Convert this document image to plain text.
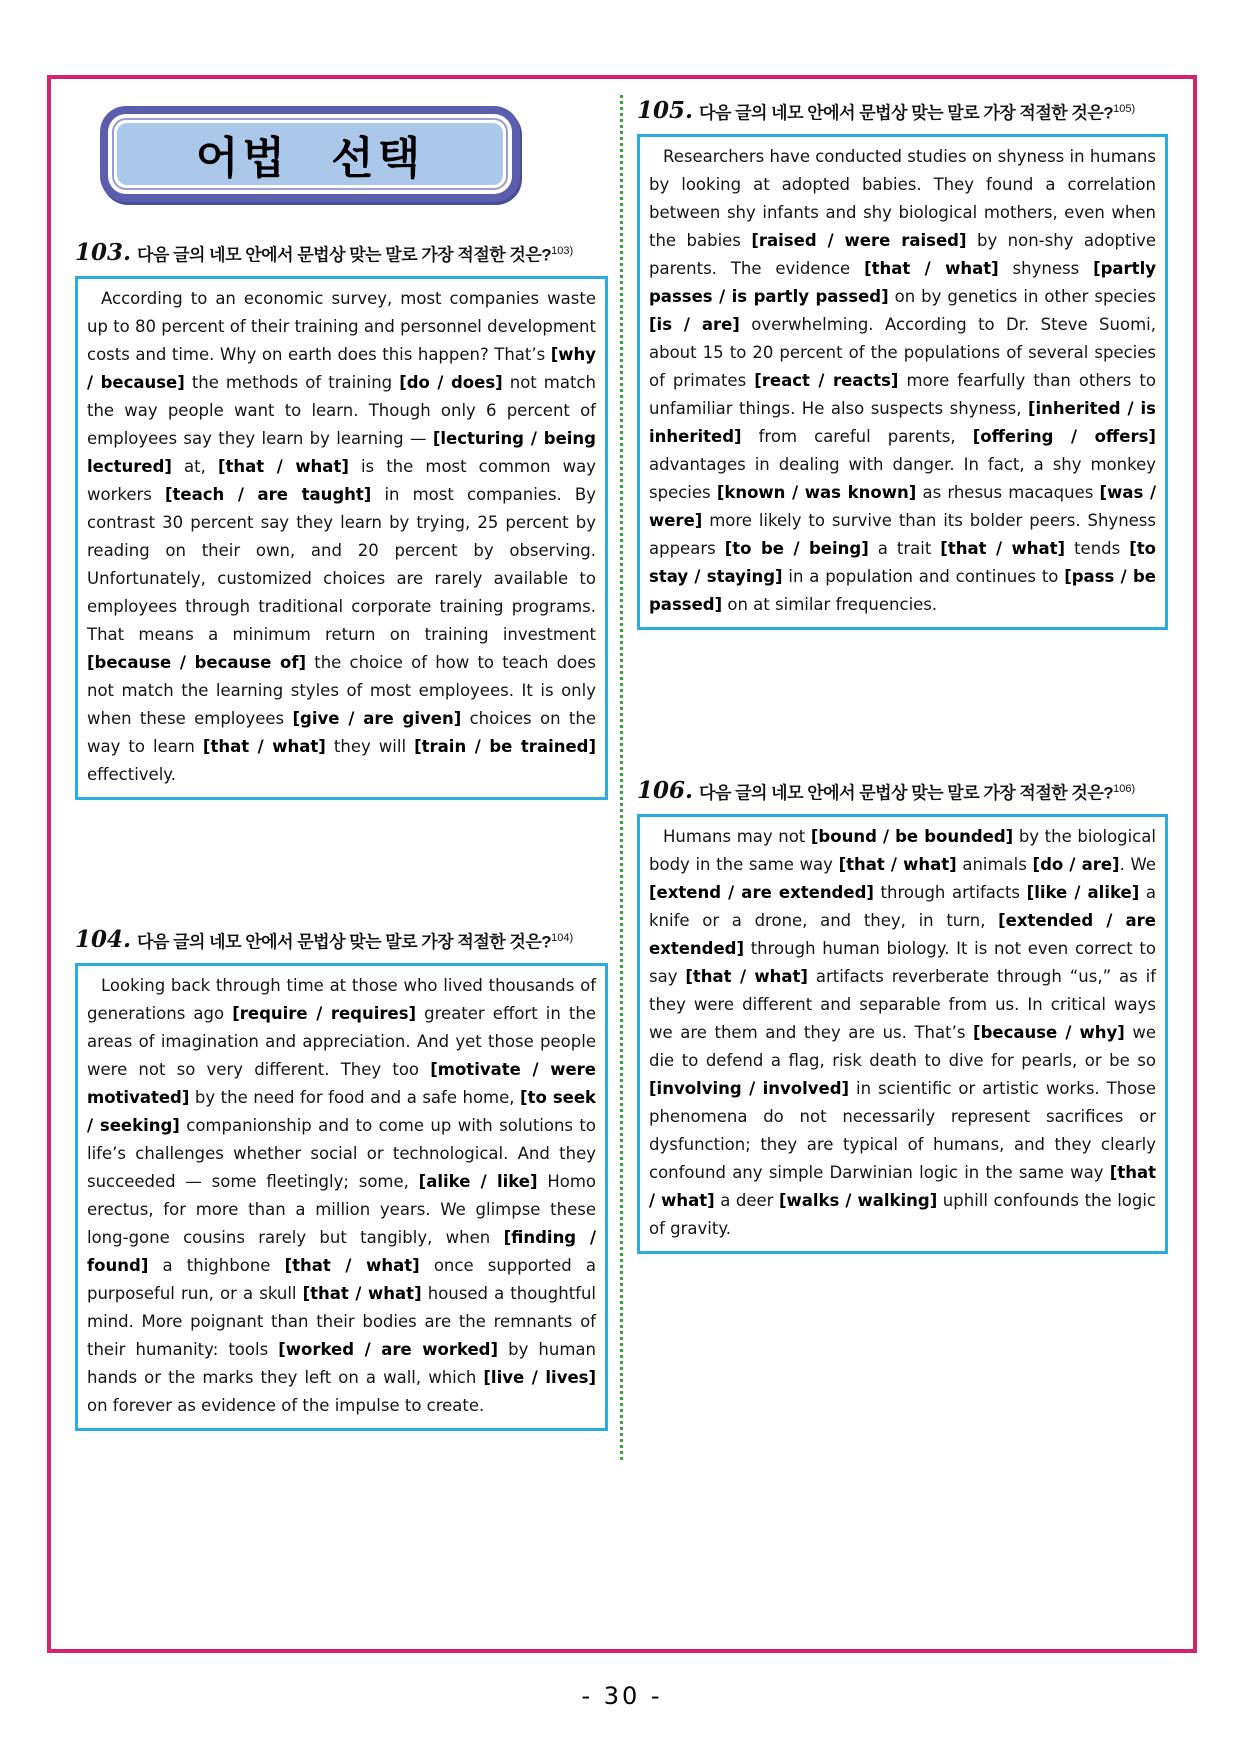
어법 선택
103. 다음 글의 네모 안에서 문법상 맞는 말로 가장 적절한 것은?$^{103)}$

According to an economic survey, most companies waste up to 80 percent of their training and personnel development costs and time. Why on earth does this happen? That’s [why / because] the methods of training [do / does] not match the way people want to learn. Though only 6 percent of employees say they learn by learning — [lecturing / being lectured] at, [that / what] is the most common way workers [teach / are taught] in most companies. By contrast 30 percent say they learn by trying, 25 percent by reading on their own, and 20 percent by observing. Unfortunately, customized choices are rarely available to employees through traditional corporate training programs. That means a minimum return on training investment [because / because of] the choice of how to teach does not match the learning styles of most employees. It is only when these employees [give / are given] choices on the way to learn [that / what] they will [train / be trained] effectively.

104. 다음 글의 네모 안에서 문법상 맞는 말로 가장 적절한 것은?$^{104)}$

Looking back through time at those who lived thousands of generations ago [require / requires] greater effort in the areas of imagination and appreciation. And yet those people were not so very different. They too [motivate / were motivated] by the need for food and a safe home, [to seek / seeking] companionship and to come up with solutions to life’s challenges whether social or technological. And they succeeded — some fleetingly; some, [alike / like] Homo erectus, for more than a million years. We glimpse these long-gone cousins rarely but tangibly, when [finding / found] a thighbone [that / what] once supported a purposeful run, or a skull [that / what] housed a thoughtful mind. More poignant than their bodies are the remnants of their humanity: tools [worked / are worked] by human hands or the marks they left on a wall, which [live / lives] on forever as evidence of the impulse to create.

105. 다음 글의 네모 안에서 문법상 맞는 말로 가장 적절한 것은?$^{105)}$

Researchers have conducted studies on shyness in humans by looking at adopted babies. They found a correlation between shy infants and shy biological mothers, even when the babies [raised / were raised] by non-shy adoptive parents. The evidence [that / what] shyness [partly passes / is partly passed] on by genetics in other species [is / are] overwhelming. According to Dr. Steve Suomi, about 15 to 20 percent of the populations of several species of primates [react / reacts] more fearfully than others to unfamiliar things. He also suspects shyness, [inherited / is inherited] from careful parents, [offering / offers] advantages in dealing with danger. In fact, a shy monkey species [known / was known] as rhesus macaques [was / were] more likely to survive than its bolder peers. Shyness appears [to be / being] a trait [that / what] tends [to stay / staying] in a population and continues to [pass / be passed] on at similar frequencies.

106. 다음 글의 네모 안에서 문법상 맞는 말로 가장 적절한 것은?$^{106)}$

Humans may not [bound / be bounded] by the biological body in the same way [that / what] animals [do / are]. We [extend / are extended] through artifacts [like / alike] a knife or a drone, and they, in turn, [extended / are extended] through human biology. It is not even correct to say [that / what] artifacts reverberate through “us,” as if they were different and separable from us. In critical ways we are them and they are us. That’s [because / why] we die to defend a flag, risk death to dive for pearls, or be so [involving / involved] in scientific or artistic works. Those phenomena do not necessarily represent sacrifices or dysfunction; they are typical of humans, and they clearly confound any simple Darwinian logic in the same way [that / what] a deer [walks / walking] uphill confounds the logic of gravity.

- 30 -
